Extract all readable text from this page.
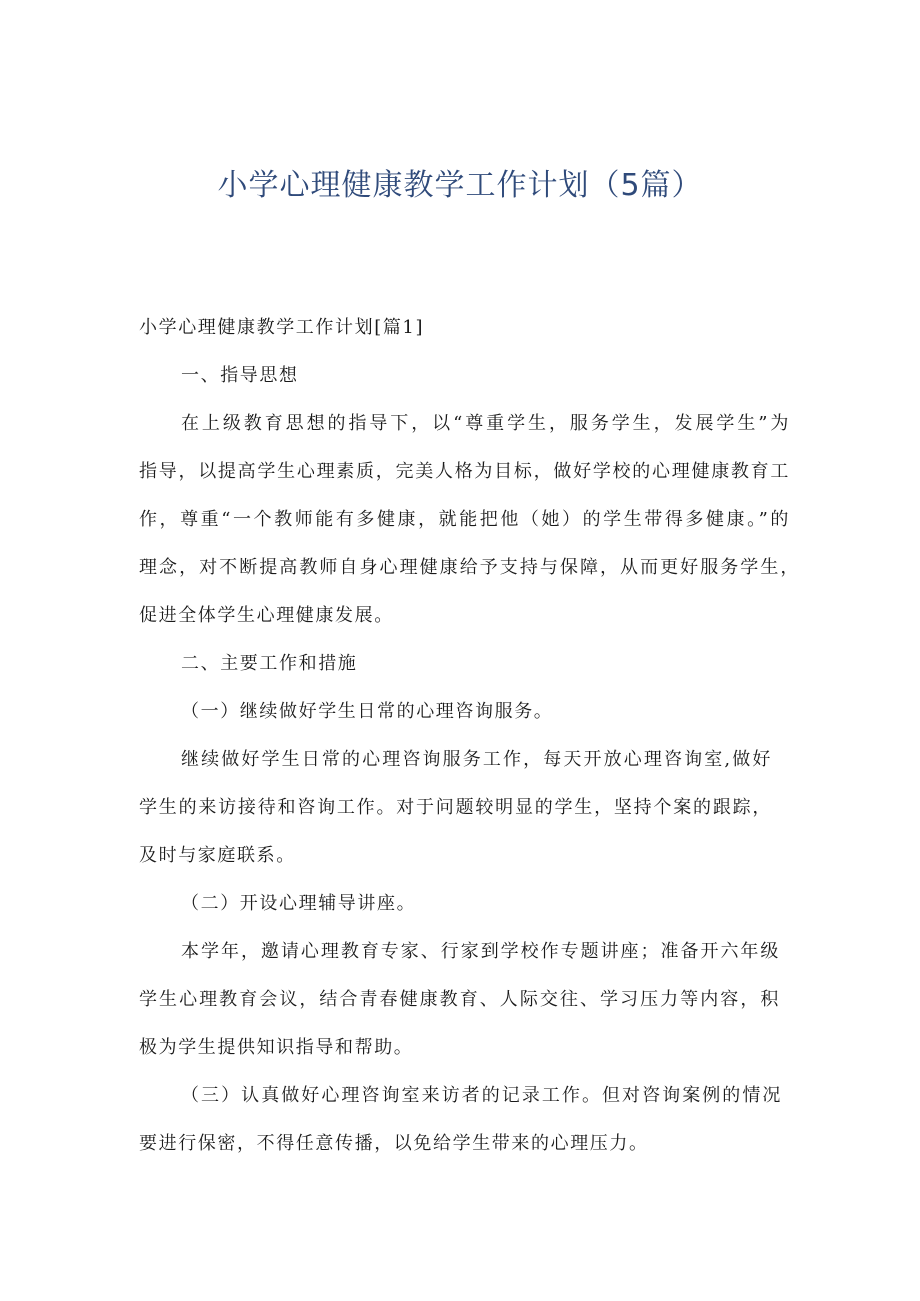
小学心理健康教学工作计划（5篇）
小学心理健康教学工作计划[篇1]
一、指导思想
在上级教育思想的指导下，以“尊重学生，服务学生，发展学生”为
指导，以提高学生心理素质，完美人格为目标，做好学校的心理健康教育工
作，尊重“一个教师能有多健康，就能把他（她）的学生带得多健康。”的
理念，对不断提高教师自身心理健康给予支持与保障，从而更好服务学生，
促进全体学生心理健康发展。
二、主要工作和措施
（一）继续做好学生日常的心理咨询服务。
继续做好学生日常的心理咨询服务工作，每天开放心理咨询室,做好
学生的来访接待和咨询工作。对于问题较明显的学生，坚持个案的跟踪，
及时与家庭联系。
（二）开设心理辅导讲座。
本学年，邀请心理教育专家、行家到学校作专题讲座；准备开六年级
学生心理教育会议，结合青春健康教育、人际交往、学习压力等内容，积
极为学生提供知识指导和帮助。
（三）认真做好心理咨询室来访者的记录工作。但对咨询案例的情况
要进行保密，不得任意传播，以免给学生带来的心理压力。
